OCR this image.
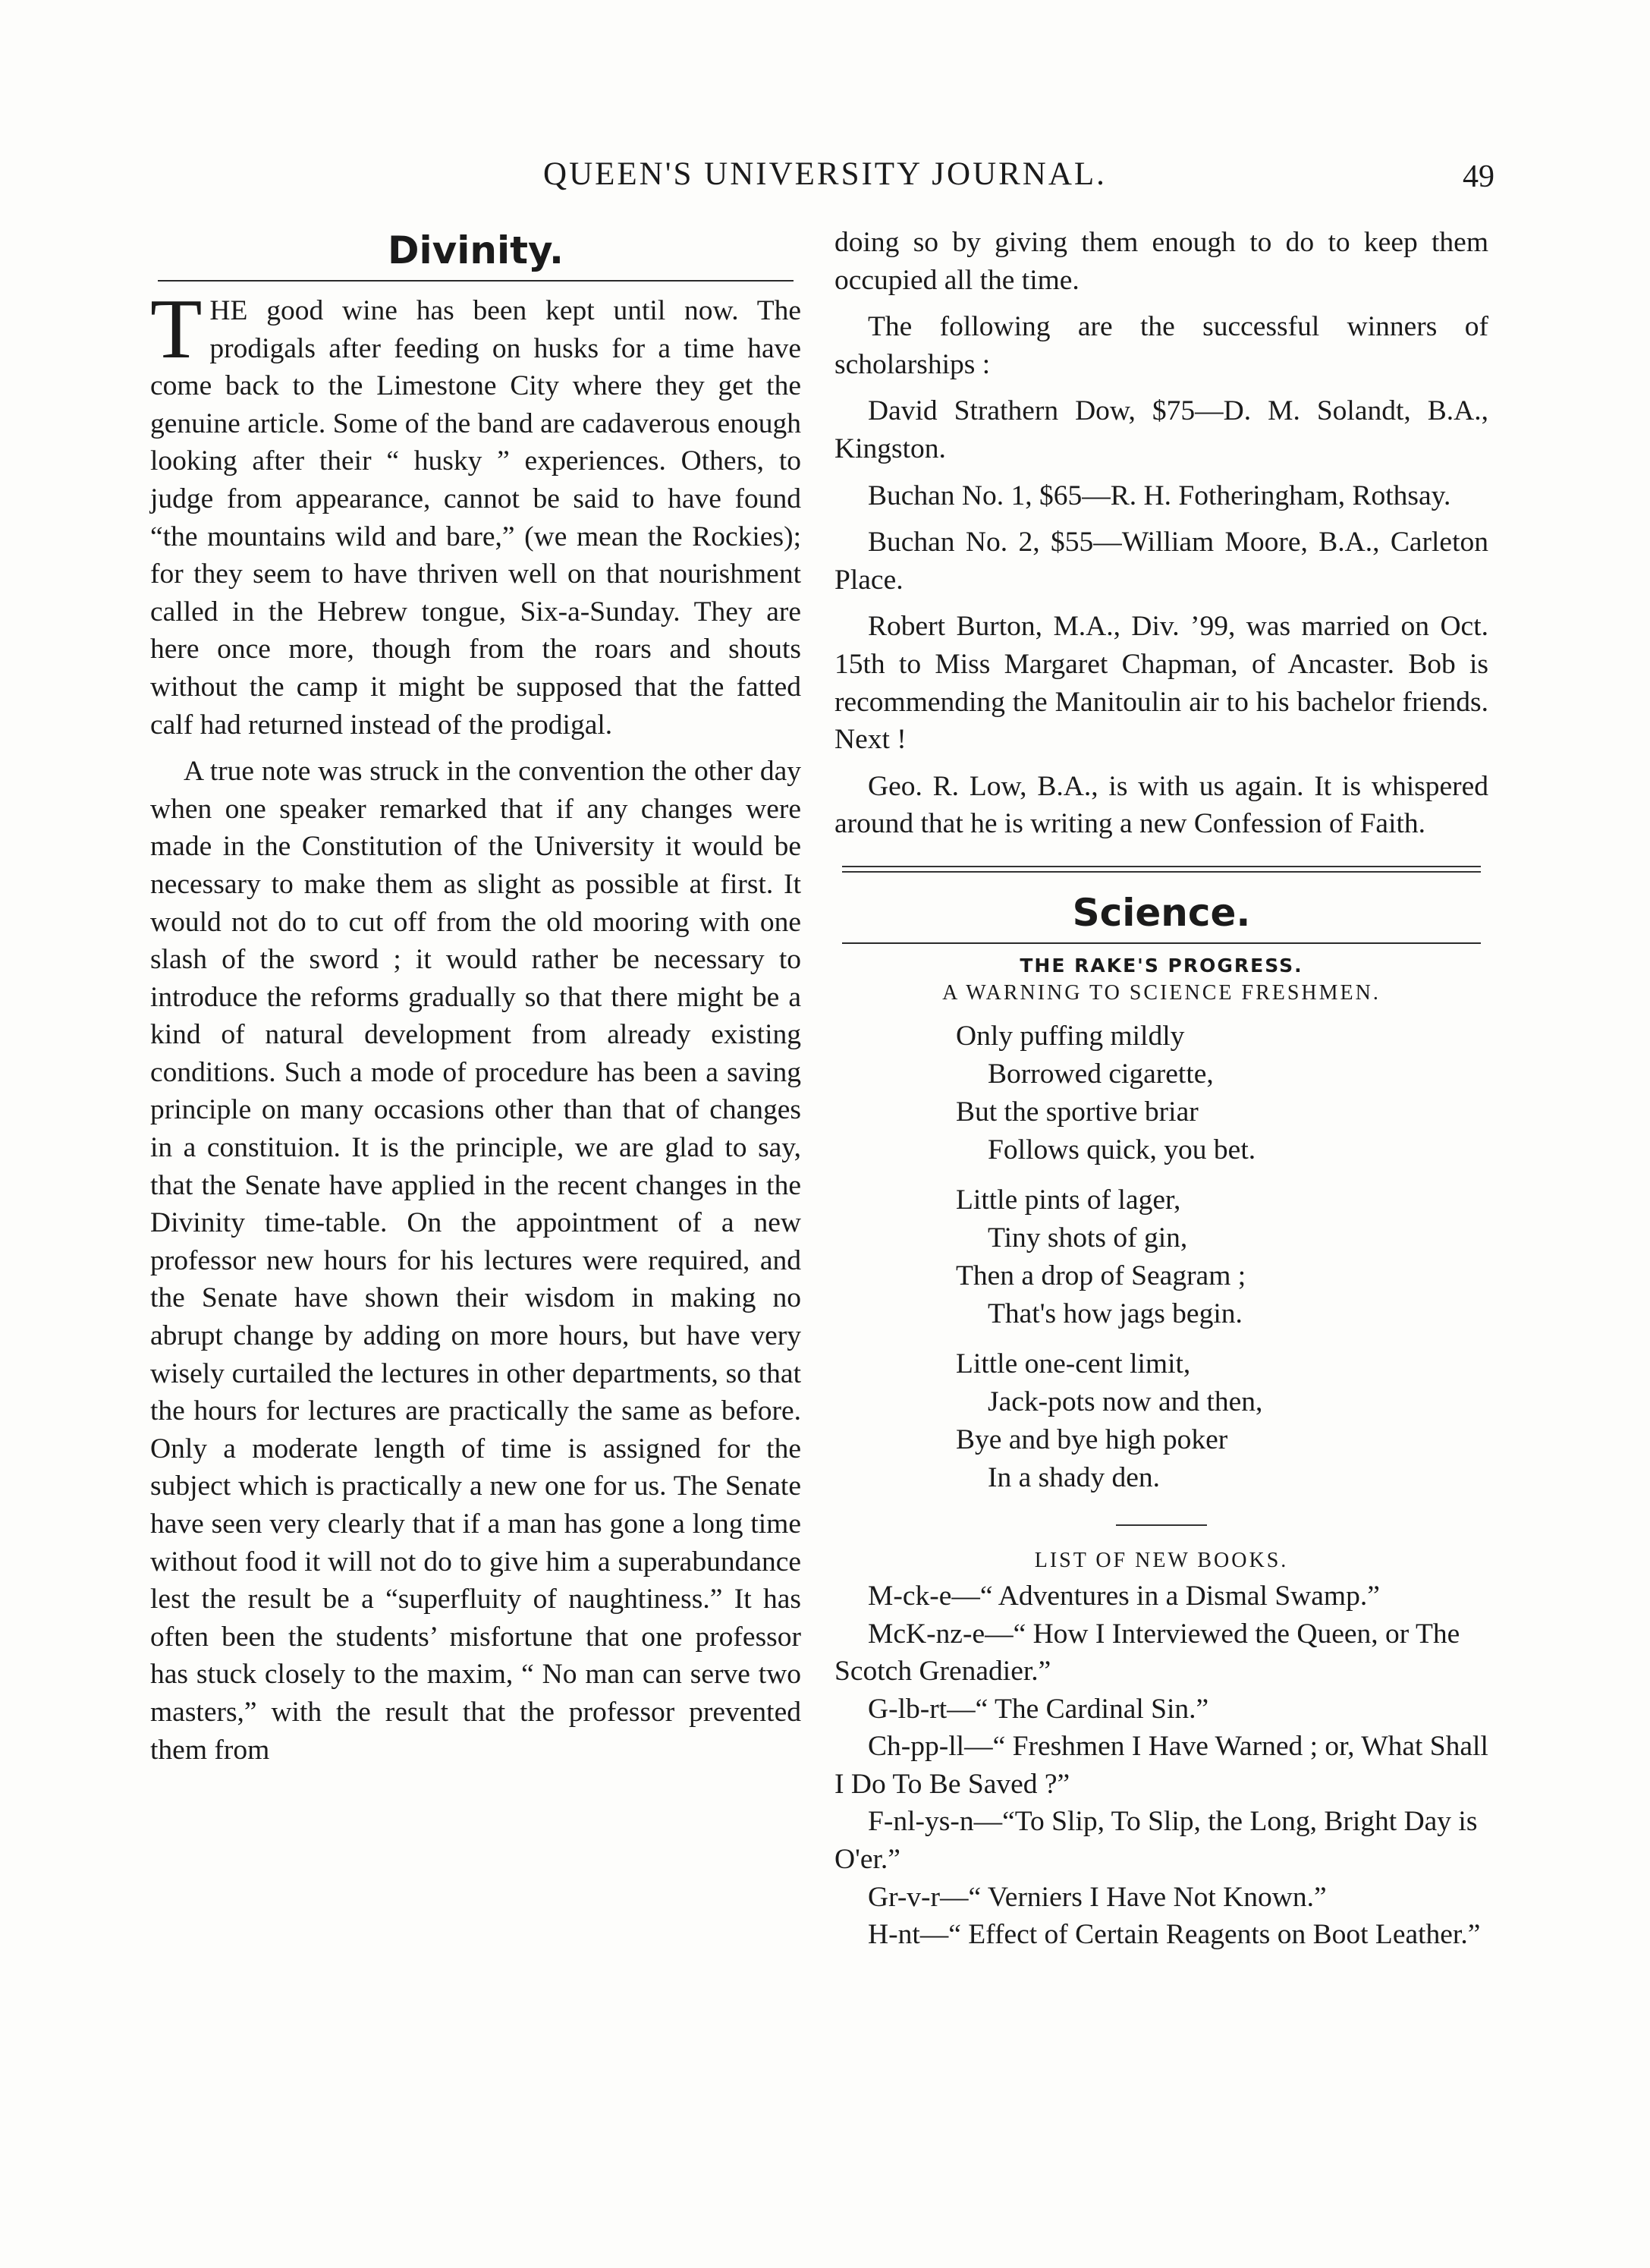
QUEEN'S UNIVERSITY JOURNAL.	49
Divinity.

THE good wine has been kept until now. The prodigals after feeding on husks for a time have come back to the Limestone City where they get the genuine article. Some of the band are cadaverous enough looking after their “ husky ” experiences. Others, to judge from appearance, cannot be said to have found “the mountains wild and bare,” (we mean the Rockies); for they seem to have thriven well on that nourishment called in the Hebrew tongue, Six-a-Sunday. They are here once more, though from the roars and shouts without the camp it might be supposed that the fatted calf had returned instead of the prodigal.

A true note was struck in the convention the other day when one speaker remarked that if any changes were made in the Constitution of the University it would be necessary to make them as slight as possible at first. It would not do to cut off from the old mooring with one slash of the sword ; it would rather be necessary to introduce the reforms gradually so that there might be a kind of natural development from already existing conditions. Such a mode of procedure has been a saving principle on many occasions other than that of changes in a constituion. It is the principle, we are glad to say, that the Senate have applied in the recent changes in the Divinity time-table. On the appointment of a new professor new hours for his lectures were required, and the Senate have shown their wisdom in making no abrupt change by adding on more hours, but have very wisely curtailed the lectures in other departments, so that the hours for lectures are practically the same as before. Only a moderate length of time is assigned for the subject which is practically a new one for us. The Senate have seen very clearly that if a man has gone a long time without food it will not do to give him a superabundance lest the result be a “superfluity of naughtiness.” It has often been the students’ misfortune that one professor has stuck closely to the maxim, “ No man can serve two masters,” with the result that the professor prevented them from

doing so by giving them enough to do to keep them occupied all the time.

The following are the successful winners of scholarships :

David Strathern Dow, $75—D. M. Solandt, B.A., Kingston.

Buchan No. 1, $65—R. H. Fotheringham, Rothsay.

Buchan No. 2, $55—William Moore, B.A., Carleton Place.

Robert Burton, M.A., Div. ’99, was married on Oct. 15th to Miss Margaret Chapman, of Ancaster. Bob is recommending the Manitoulin air to his bachelor friends. Next !

Geo. R. Low, B.A., is with us again. It is whispered around that he is writing a new Confession of Faith.

Science.
THE RAKE'S PROGRESS.
A WARNING TO SCIENCE FRESHMEN.
Only puffing mildly
Borrowed cigarette,
But the sportive briar
Follows quick, you bet.
Little pints of lager,
Tiny shots of gin,
Then a drop of Seagram ;
That's how jags begin.
Little one-cent limit,
Jack-pots now and then,
Bye and bye high poker
In a shady den.
LIST OF NEW BOOKS.

M-ck-e—“ Adventures in a Dismal Swamp.”

McK-nz-e—“ How I Interviewed the Queen, or The Scotch Grenadier.”

G-lb-rt—“ The Cardinal Sin.”

Ch-pp-ll—“ Freshmen I Have Warned ; or, What Shall I Do To Be Saved ?”

F-nl-ys-n—“To Slip, To Slip, the Long, Bright Day is O'er.”

Gr-v-r—“ Verniers I Have Not Known.”

H-nt—“ Effect of Certain Reagents on Boot Leather.”
